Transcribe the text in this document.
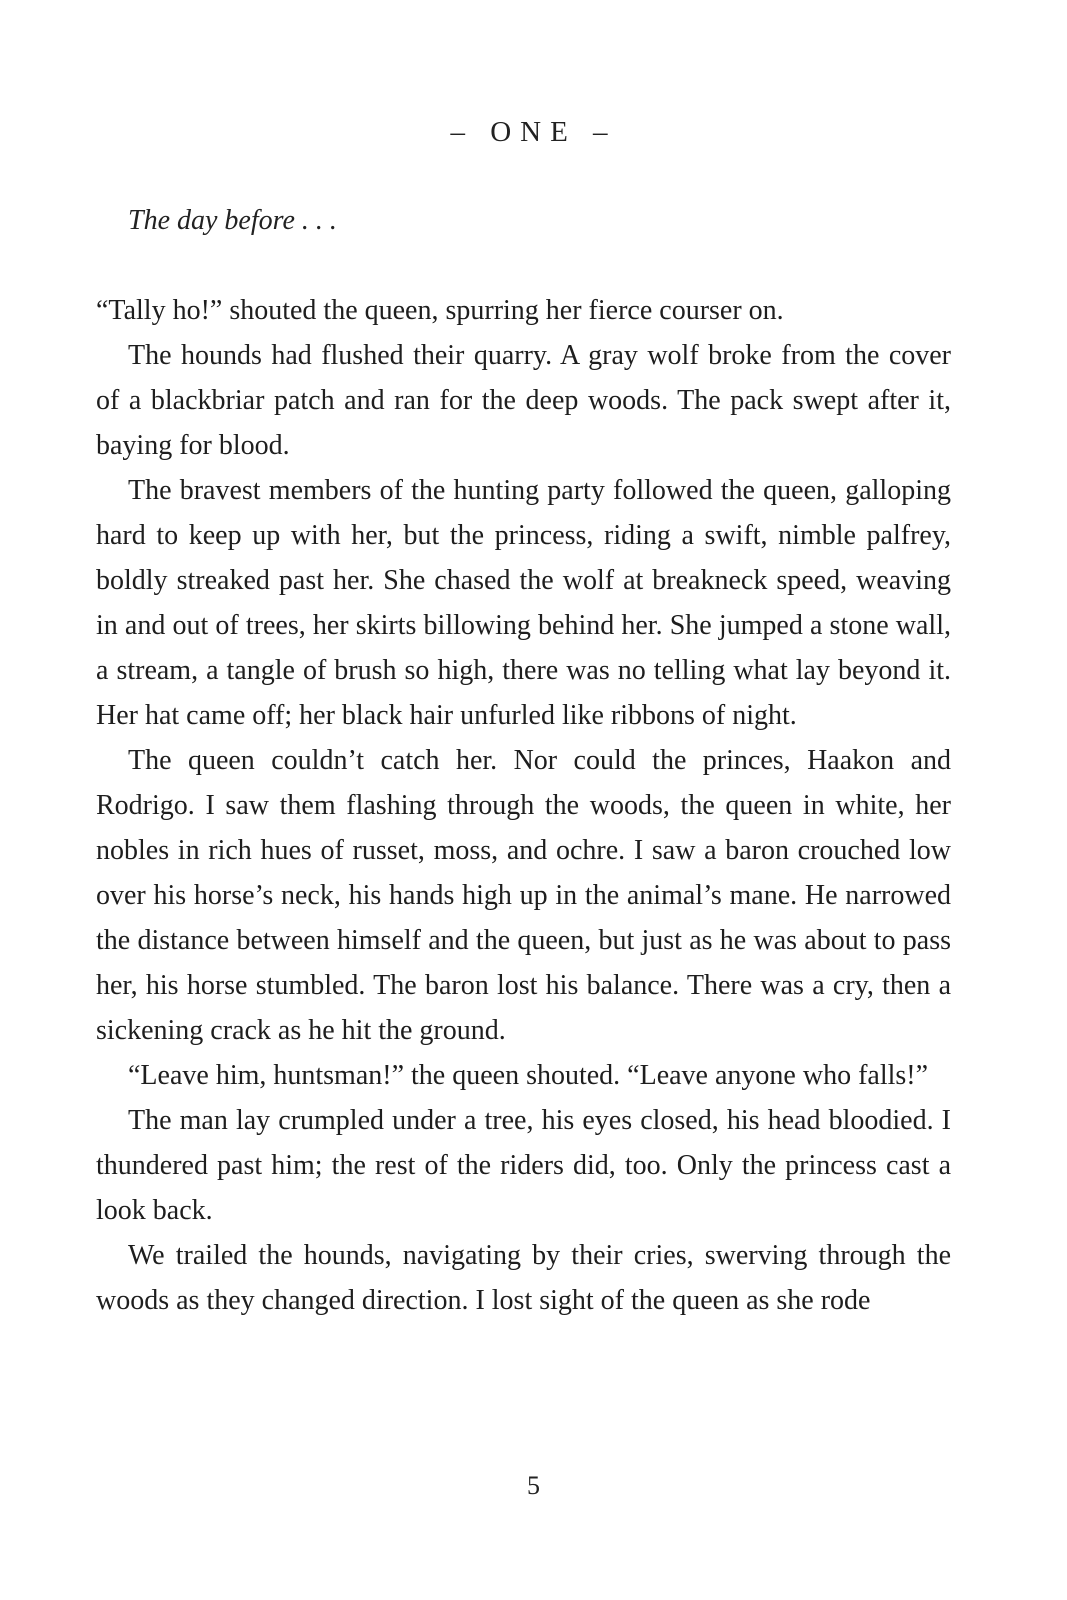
– ONE –
The day before . . .

“Tally ho!” shouted the queen, spurring her fierce courser on.

The hounds had flushed their quarry. A gray wolf broke from the cover of a blackbriar patch and ran for the deep woods. The pack swept after it, baying for blood.

The bravest members of the hunting party followed the queen, galloping hard to keep up with her, but the princess, riding a swift, nimble palfrey, boldly streaked past her. She chased the wolf at breakneck speed, weaving in and out of trees, her skirts billowing behind her. She jumped a stone wall, a stream, a tangle of brush so high, there was no telling what lay beyond it. Her hat came off; her black hair unfurled like ribbons of night.

The queen couldn’t catch her. Nor could the princes, Haakon and Rodrigo. I saw them flashing through the woods, the queen in white, her nobles in rich hues of russet, moss, and ochre. I saw a baron crouched low over his horse’s neck, his hands high up in the animal’s mane. He narrowed the distance between himself and the queen, but just as he was about to pass her, his horse stumbled. The baron lost his balance. There was a cry, then a sickening crack as he hit the ground.

“Leave him, huntsman!” the queen shouted. “Leave anyone who falls!”

The man lay crumpled under a tree, his eyes closed, his head bloodied. I thundered past him; the rest of the riders did, too. Only the princess cast a look back.

We trailed the hounds, navigating by their cries, swerving through the woods as they changed direction. I lost sight of the queen as she rode

5
